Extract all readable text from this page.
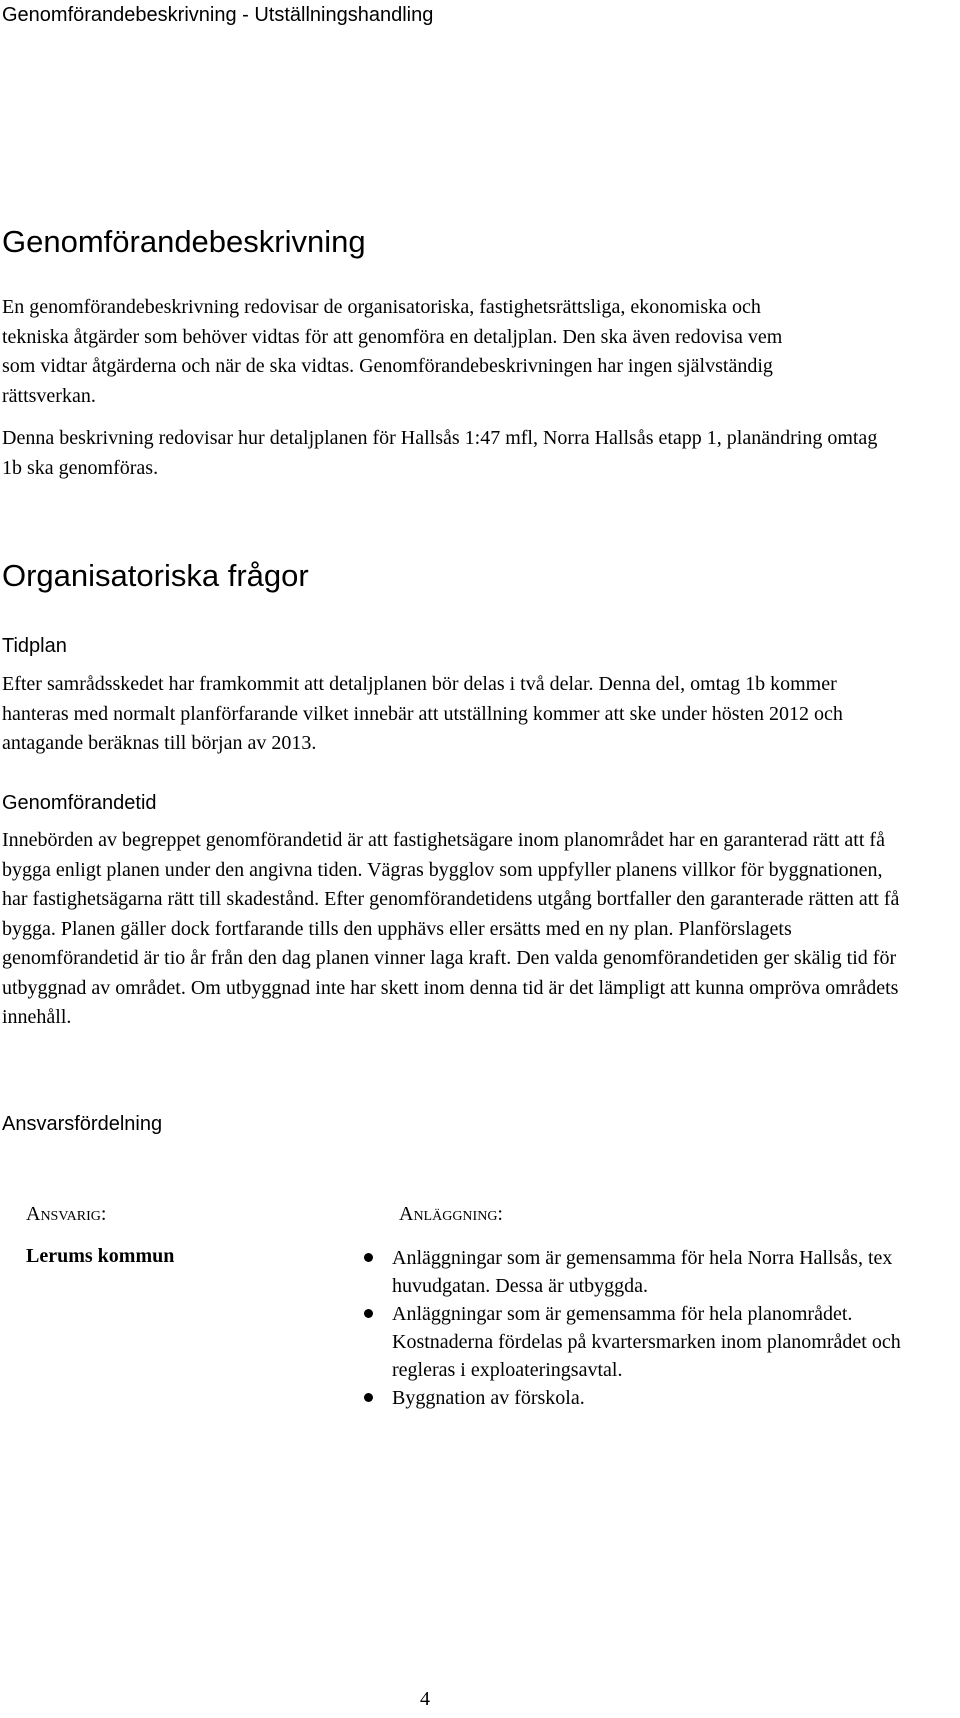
Genomförandebeskrivning - Utställningshandling
Genomförandebeskrivning

En genomförandebeskrivning redovisar de organisatoriska, fastighetsrättsliga, ekonomiska och tekniska åtgärder som behöver vidtas för att genomföra en detaljplan. Den ska även redovisa vem som vidtar åtgärderna och när de ska vidtas. Genomförandebeskrivningen har ingen självständig rättsverkan.

Denna beskrivning redovisar hur detaljplanen för Hallsås 1:47 mfl, Norra Hallsås etapp 1, planändring omtag 1b ska genomföras.

Organisatoriska frågor
Tidplan

Efter samrådsskedet har framkommit att detaljplanen bör delas i två delar. Denna del, omtag 1b kommer hanteras med normalt planförfarande vilket innebär att utställning kommer att ske under hösten 2012 och antagande beräknas till början av 2013.

Genomförandetid

Innebörden av begreppet genomförandetid är att fastighetsägare inom planområdet har en garanterad rätt att få bygga enligt planen under den angivna tiden. Vägras bygglov som uppfyller planens villkor för byggnationen, har fastighetsägarna rätt till skadestånd. Efter genomförandetidens utgång bortfaller den garanterade rätten att få bygga. Planen gäller dock fortfarande tills den upphävs eller ersätts med en ny plan. Planförslagets genomförandetid är tio år från den dag planen vinner laga kraft. Den valda genomförandetiden ger skälig tid för utbyggnad av området. Om utbyggnad inte har skett inom denna tid är det lämpligt att kunna ompröva områdets innehåll.

Ansvarsfördelning
Ansvarig:	Anläggning:
Lerums kommun	Anläggningar som är gemensamma för hela Norra Hallsås, tex huvudgatan. Dessa är utbyggda.
Anläggningar som är gemensamma för hela planområdet. Kostnaderna fördelas på kvartersmarken inom planområdet och regleras i exploateringsavtal.
Byggnation av förskola.
4
